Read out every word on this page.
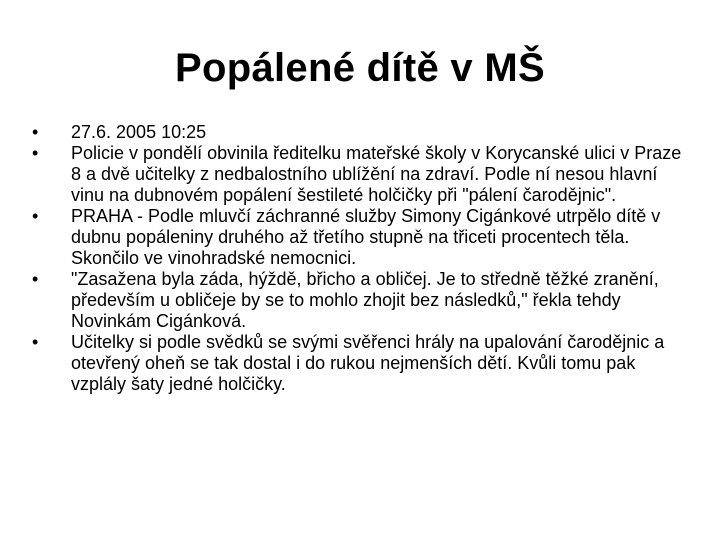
Popálené dítě v MŠ
• 27.6. 2005 10:25
• Policie v pondělí obvinila ředitelku mateřské školy v Korycanské ulici v Praze 8 a dvě učitelky z nedbalostního ublížění na zdraví. Podle ní nesou hlavní vinu na dubnovém popálení šestileté holčičky při "pálení čarodějnic".
• PRAHA - Podle mluvčí záchranné služby Simony Cigánkové utrpělo dítě v dubnu popáleniny druhého až třetího stupně na třiceti procentech těla. Skončilo ve vinohradské nemocnici.
• "Zasažena byla záda, hýždě, břicho a obličej. Je to středně těžké zranění, především u obličeje by se to mohlo zhojit bez následků," řekla tehdy Novinkám Cigánková.
• Učitelky si podle svědků se svými svěřenci hrály na upalování čarodějnic a otevřený oheň se tak dostal i do rukou nejmenších dětí. Kvůli tomu pak vzplály šaty jedné holčičky.
